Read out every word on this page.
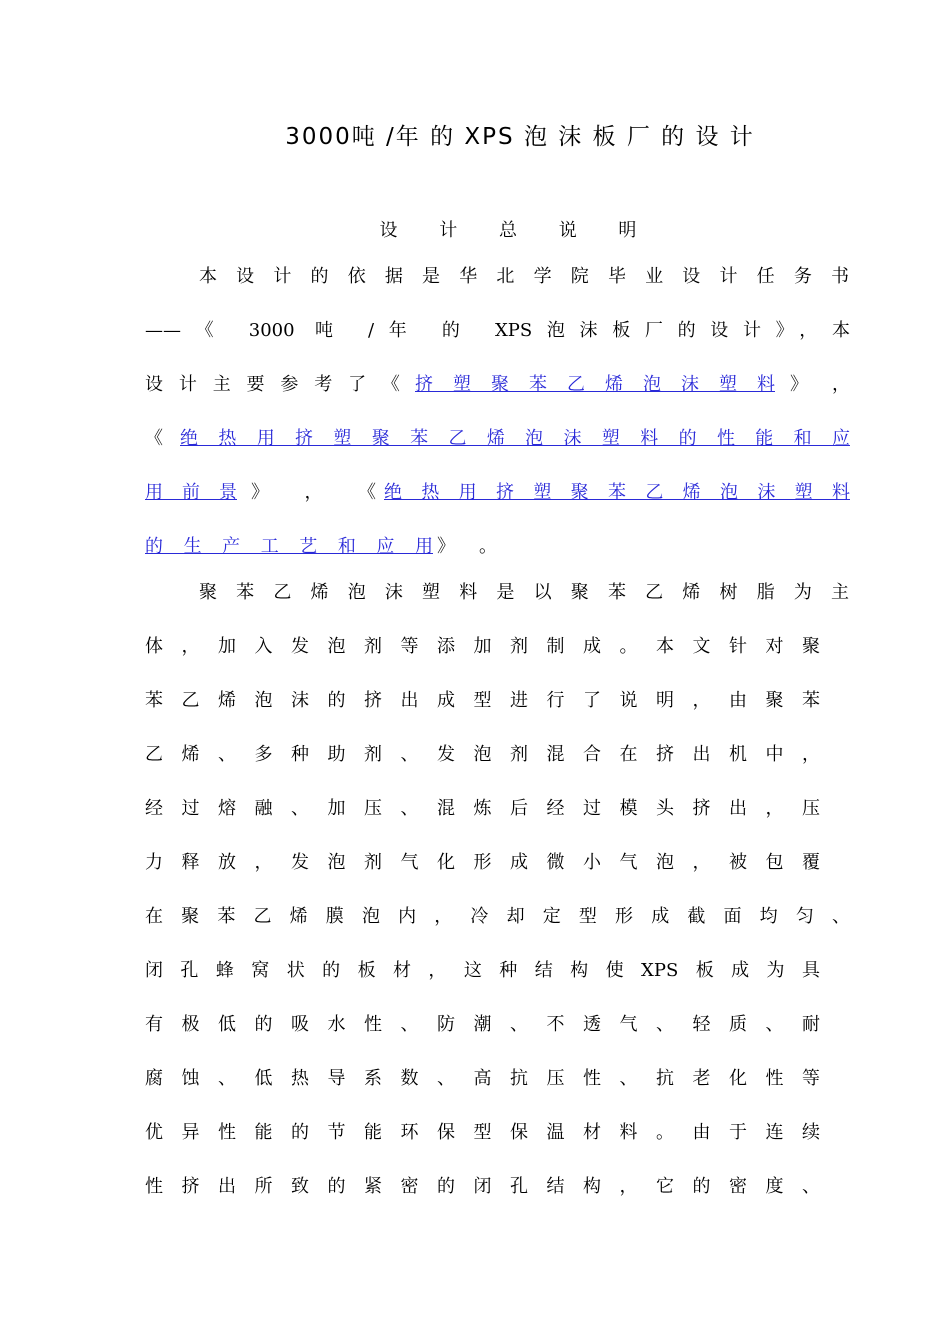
3000吨 /年 的 XPS 泡 沫 板 厂 的 设 计
设 计 总 说 明
本设计的依据是华北学院毕业设计任务书
——《 3000 吨 /年 的 XPS泡沫板厂的设计》，本
设 计 主 要 参 考 了 《 挤塑聚苯乙烯泡沫塑料 》，
《 绝热用挤塑聚苯乙烯泡沫塑料的性能和应
用前景 》，《 绝热用挤塑聚苯乙烯泡沫塑料
的生产工艺和应用 》。
聚苯乙烯泡沫塑料是以聚苯乙烯树脂为主
体，加入发泡剂等添加剂制成。本文针对聚
苯乙烯泡沫的挤出成型进行了说明，由聚苯
乙烯、多种助剂、发泡剂混合在挤出机中，
经过熔融、加压、混炼后经过模头挤出，压
力释放，发泡剂气化形成微小气泡，被包覆
在聚苯乙烯膜泡内，冷却定型形成截面均匀、
闭孔蜂窝状的板材，这种结构使XPS板成为具
有极低的吸水性、防潮、不透气、轻质、耐
腐蚀、低热导系数、高抗压性、抗老化性等
优异性能的节能环保型保温材料。由于连续
性挤出所致的紧密的闭孔结构，它的密度、
